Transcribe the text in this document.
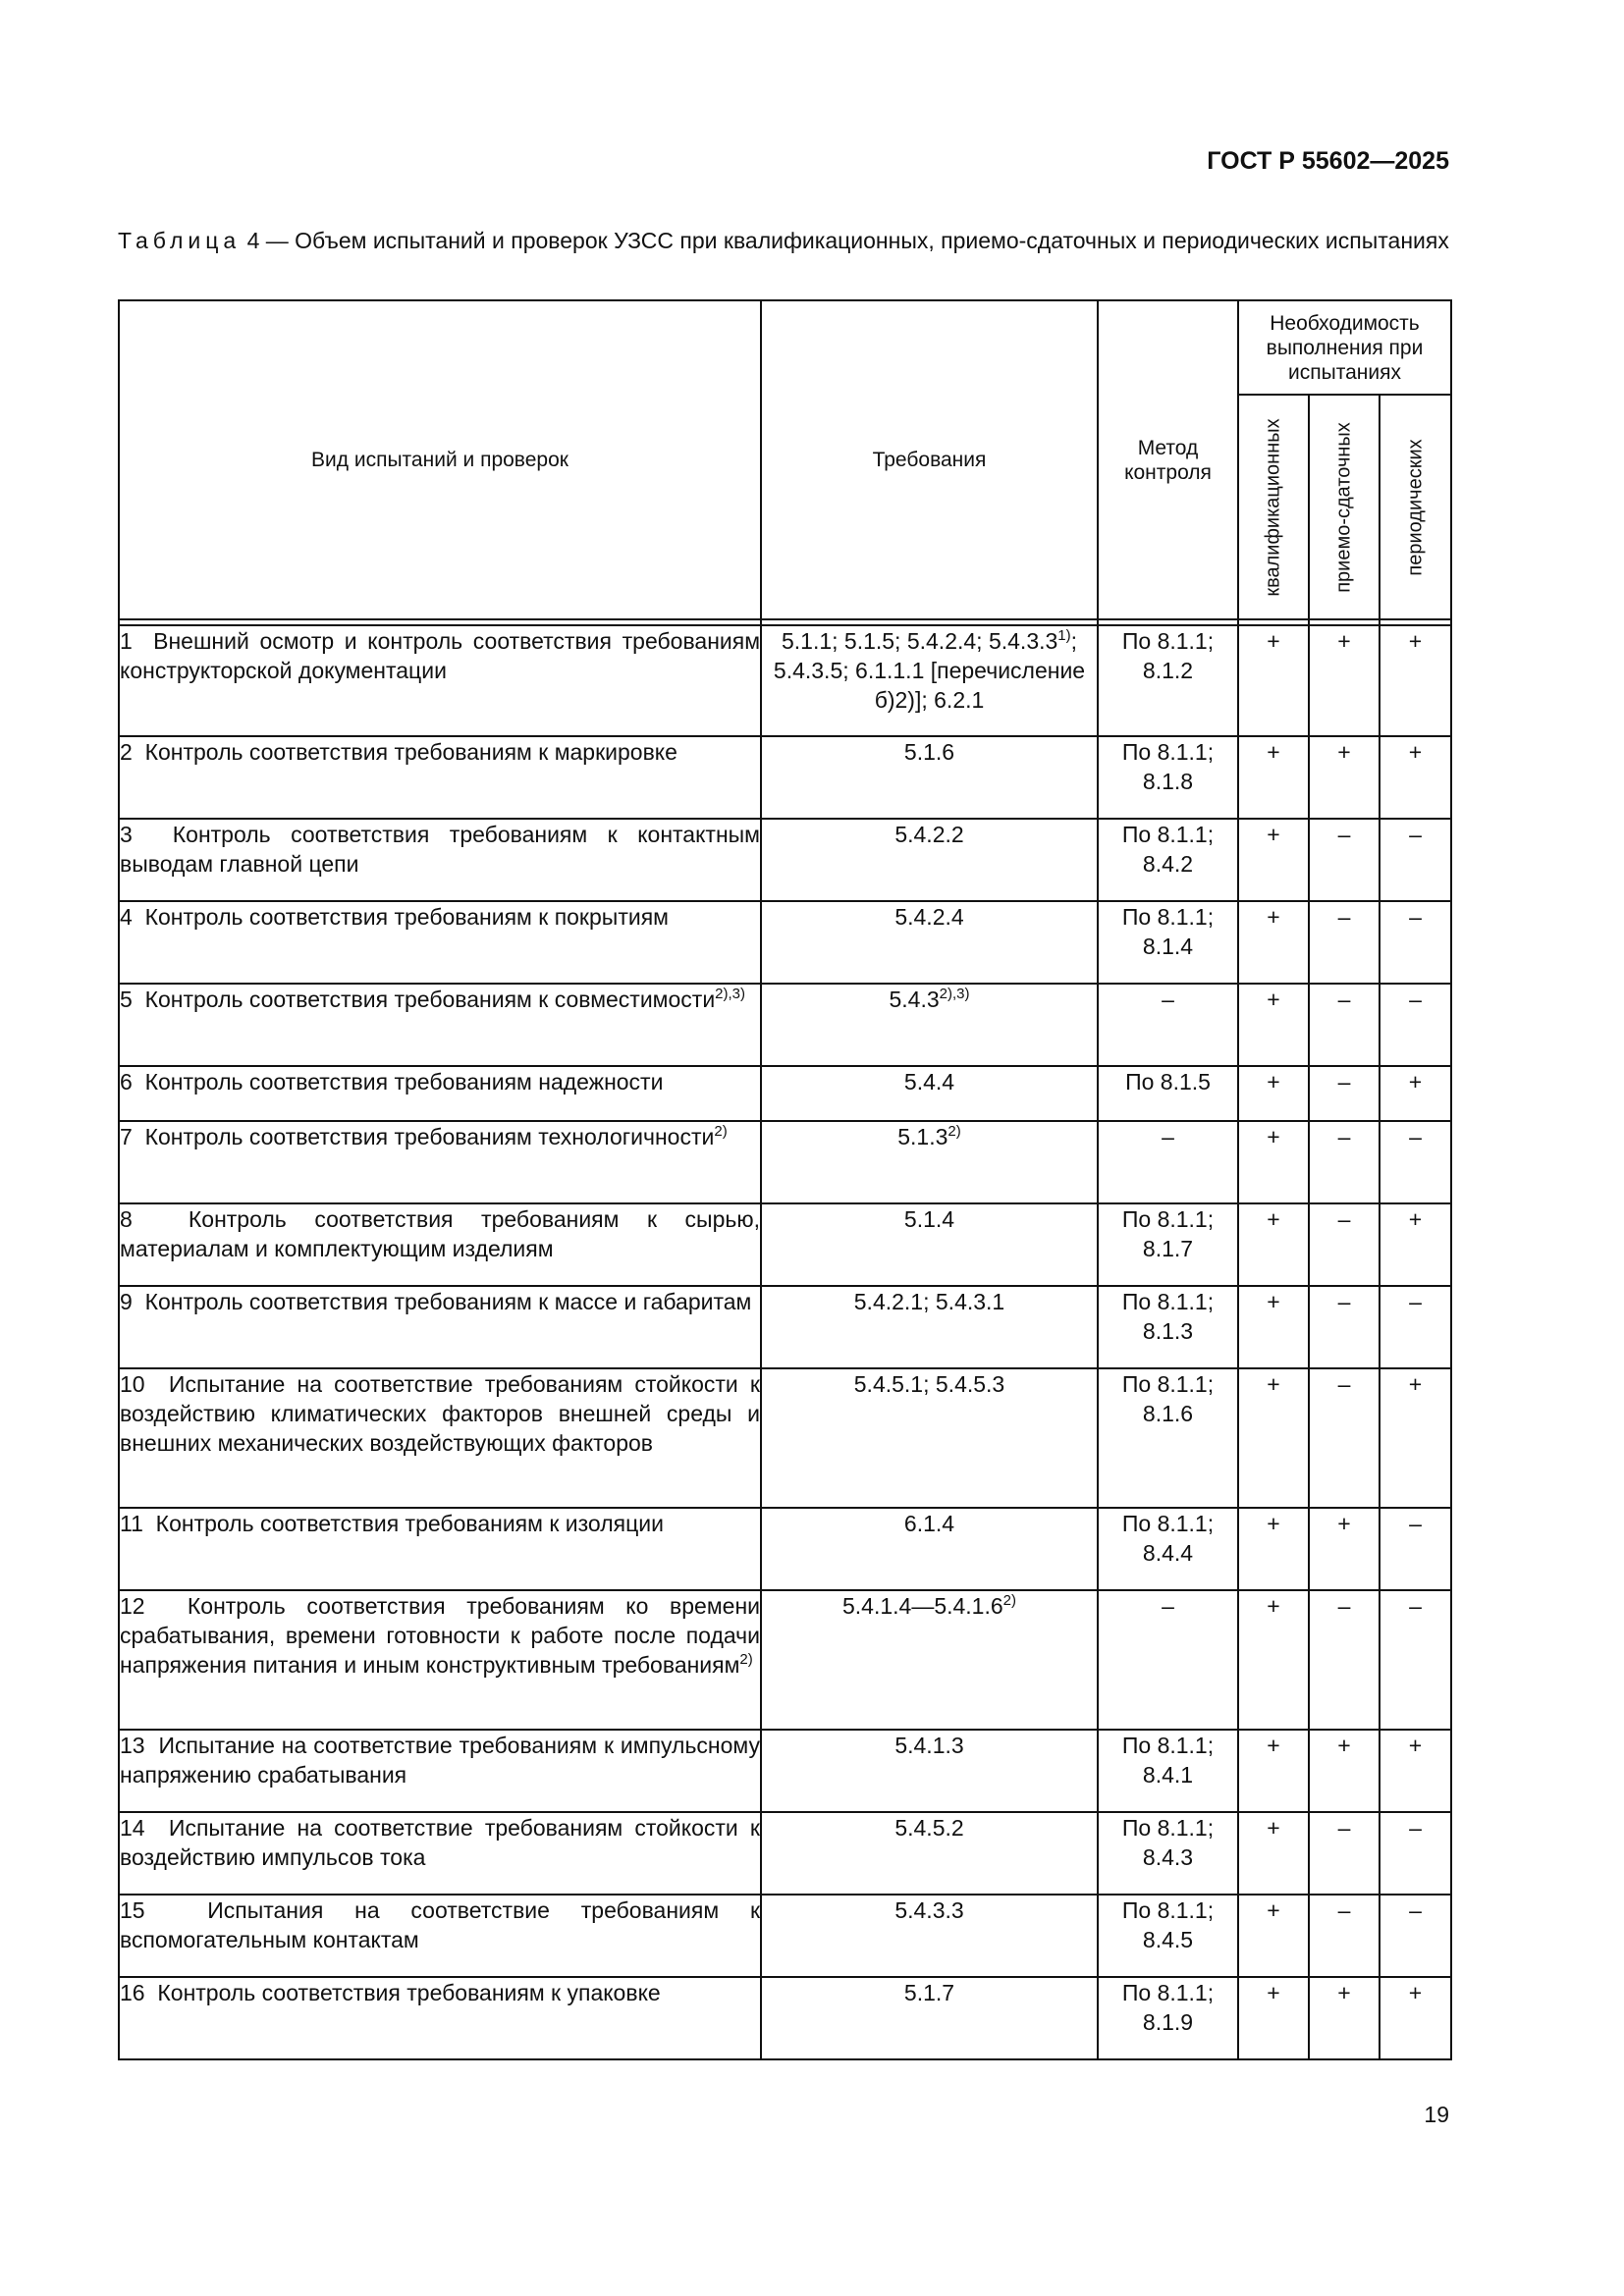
ГОСТ Р 55602—2025
Таблица 4 — Объем испытаний и проверок УЗСС при квалификационных, приемо-сдаточных и периодических испытаниях
Вид испытаний и проверок	Требования	Метод контроля	Необходимость выполнения при испытаниях		

			квалификационных	приемо-сдаточных	периодических

1 Внешний осмотр и контроль соответствия требованиям конструкторской документации	5.1.1; 5.1.5; 5.4.2.4; 5.4.3.3$^{1)}$; 5.4.3.5; 6.1.1.1 [перечисление б)2)]; 6.2.1	По 8.1.1; 8.1.2	+	+	+
2 Контроль соответствия требованиям к маркировке	5.1.6	По 8.1.1; 8.1.8	+	+	+
3 Контроль соответствия требованиям к контактным выводам главной цепи	5.4.2.2	По 8.1.1; 8.4.2	+	–	–
4 Контроль соответствия требованиям к покрытиям	5.4.2.4	По 8.1.1; 8.1.4	+	–	–
5 Контроль соответствия требованиям к совместимости$^{2),3)}$	$5.4.3^{2),3)}$	–	+	–	–
6 Контроль соответствия требованиям надежности	5.4.4	По 8.1.5	+	–	+
7 Контроль соответствия требованиям технологичности$^{2)}$	5.1.3$^{2)}$	–	+	–	–
8 Контроль соответствия требованиям к сырью, материалам и комплектующим изделиям	5.1.4	По 8.1.1; 8.1.7	+	–	+
9 Контроль соответствия требованиям к массе и габаритам	5.4.2.1; 5.4.3.1	По 8.1.1; 8.1.3	+	–	–
10 Испытание на соответствие требованиям стойкости к воздействию климатических факторов внешней среды и внешних механических воздействующих факторов	5.4.5.1; 5.4.5.3	По 8.1.1; 8.1.6	+	–	+
11 Контроль соответствия требованиям к изоляции	6.1.4	По 8.1.1; 8.4.4	+	+	–
12 Контроль соответствия требованиям ко времени срабатывания, времени готовности к работе после подачи напряжения питания и иным конструктивным требованиям$^{2)}$	5.4.1.4—5.4.1.6$^{2)}$	–	+	–	–
13 Испытание на соответствие требованиям к импульсному напряжению срабатывания	5.4.1.3	По 8.1.1; 8.4.1	+	+	+
14 Испытание на соответствие требованиям стойкости к воздействию импульсов тока	5.4.5.2	По 8.1.1; 8.4.3	+	–	–
15 Испытания на соответствие требованиям к вспомогательным контактам	5.4.3.3	По 8.1.1; 8.4.5	+	–	–
16 Контроль соответствия требованиям к упаковке	5.1.7	По 8.1.1; 8.1.9	+	+	+
19
